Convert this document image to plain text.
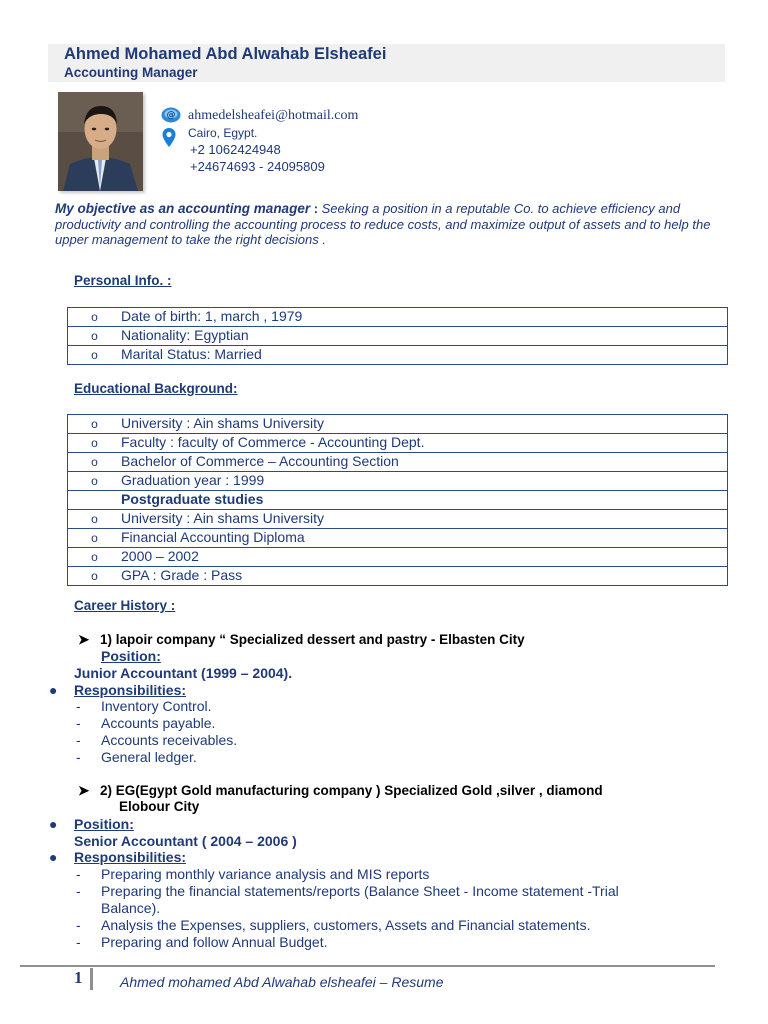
Ahmed Mohamed Abd Alwahab Elsheafei
Accounting Manager
@ ahmedelsheafei@hotmail.com
Cairo, Egypt.
+2 1062424948
+24674693 - 24095809
My objective as an accounting manager : Seeking a position in a reputable Co. to achieve efficiency and productivity and controlling the accounting process to reduce costs, and maximize output of assets and to help the upper management to take the right decisions .
Personal Info. :
o Date of birth: 1, march , 1979
o Nationality: Egyptian
o Marital Status: Married
Educational Background:
o University : Ain shams University
o Faculty : faculty of Commerce - Accounting Dept.
o Bachelor of Commerce – Accounting Section
o Graduation year : 1999
Postgraduate studies
o University : Ain shams University
o Financial Accounting Diploma
o 2000 – 2002
o GPA : Grade : Pass
Career History :
➤ 1) lapoir company “ Specialized dessert and pastry - Elbasten City
Position:
Junior Accountant (1999 – 2004).
● Responsibilities:
-	Inventory Control.
-	Accounts payable.
-	Accounts receivables.
-	General ledger.
➤ 2) EG(Egypt Gold manufacturing company ) Specialized Gold ,silver , diamond
Elobour City
● Position:
Senior Accountant ( 2004 – 2006 )
● Responsibilities:
-	Preparing monthly variance analysis and MIS reports
-	Preparing the financial statements/reports (Balance Sheet - Income statement -Trial
Balance).
-	Analysis the Expenses, suppliers, customers, Assets and Financial statements.
-	Preparing and follow Annual Budget.
1	Ahmed mohamed Abd Alwahab elsheafei – Resume
